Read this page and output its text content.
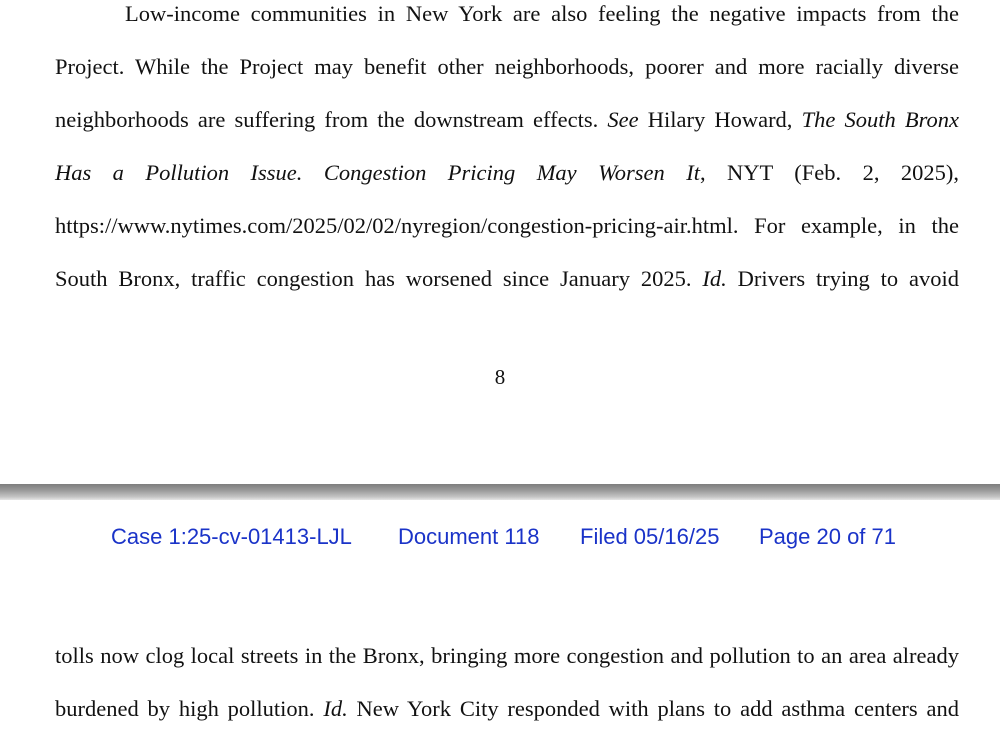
Low-income communities in New York are also feeling the negative impacts from the
Project. While the Project may benefit other neighborhoods, poorer and more racially diverse
neighborhoods are suffering from the downstream effects. See Hilary Howard, The South Bronx
Has a Pollution Issue. Congestion Pricing May Worsen It, NYT (Feb. 2, 2025),
https://www.nytimes.com/2025/02/02/nyregion/congestion-pricing-air.html. For example, in the
South Bronx, traffic congestion has worsened since January 2025. Id. Drivers trying to avoid
8
Case 1:25-cv-01413-LJL Document 118 Filed 05/16/25 Page 20 of 71
tolls now clog local streets in the Bronx, bringing more congestion and pollution to an area already
burdened by high pollution. Id. New York City responded with plans to add asthma centers and
